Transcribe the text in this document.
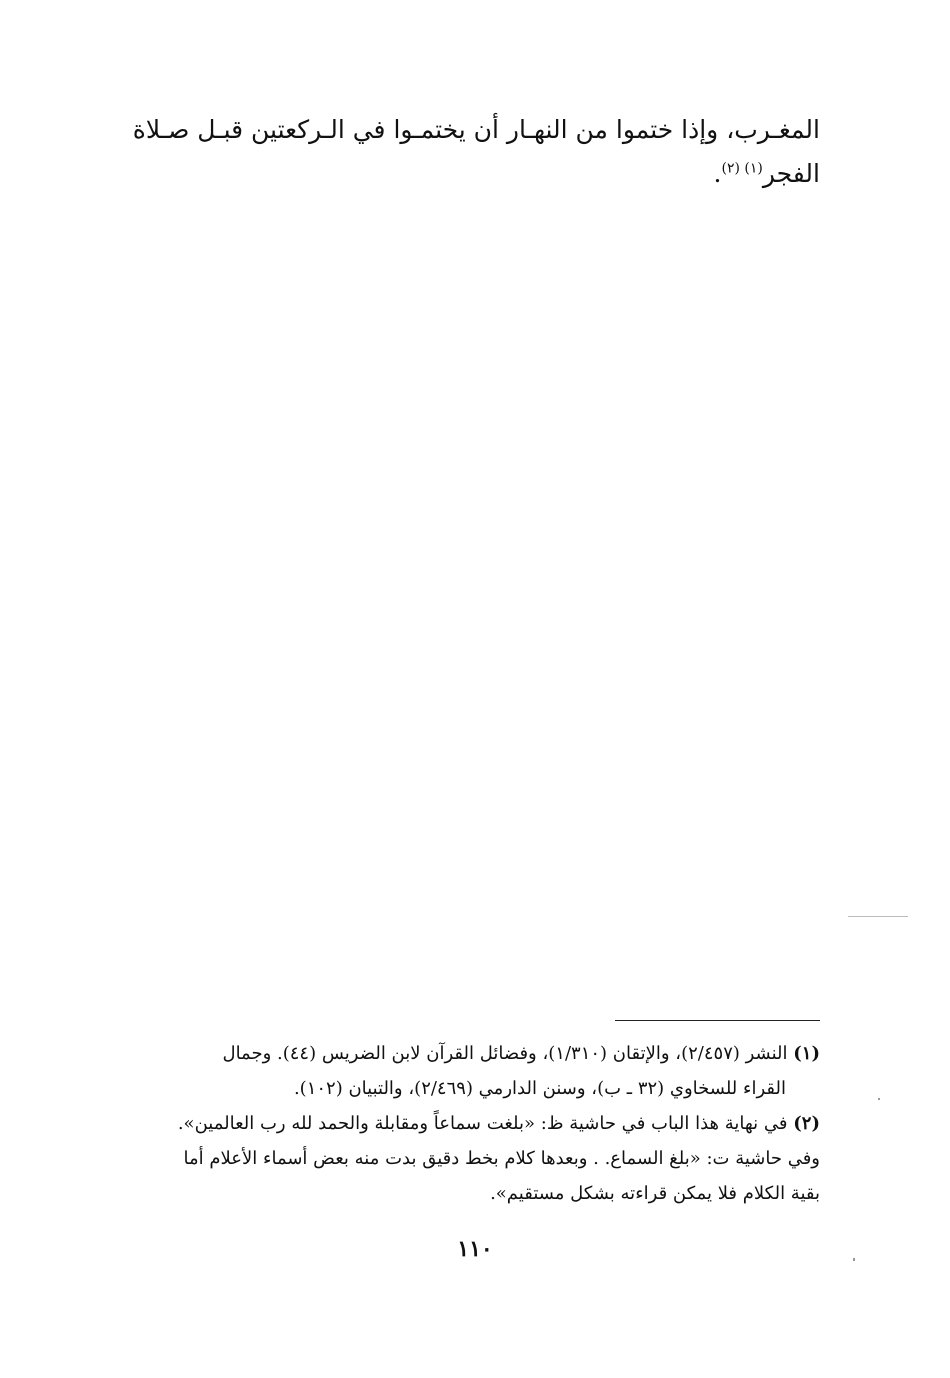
المغـرب، وإذا ختموا من النهـار أن يختمـوا في الـركعتين قبـل صـلاة
الفجر$^{(١) (٢)}$.
(١) النشر (٢/٤٥٧)، والإتقان (١/٣١٠)، وفضائل القرآن لابن الضريس (٤٤). وجمال
القراء للسخاوي (٣٢ ـ ب)، وسنن الدارمي (٢/٤٦٩)، والتبيان (١٠٢).
(٢) في نهاية هذا الباب في حاشية ظ: «بلغت سماعاً ومقابلة والحمد لله رب العالمين».
وفي حاشية ت: «بلغ السماع. . وبعدها كلام بخط دقيق بدت منه بعض أسماء الأعلام أما
بقية الكلام فلا يمكن قراءته بشكل مستقيم».
١١٠
